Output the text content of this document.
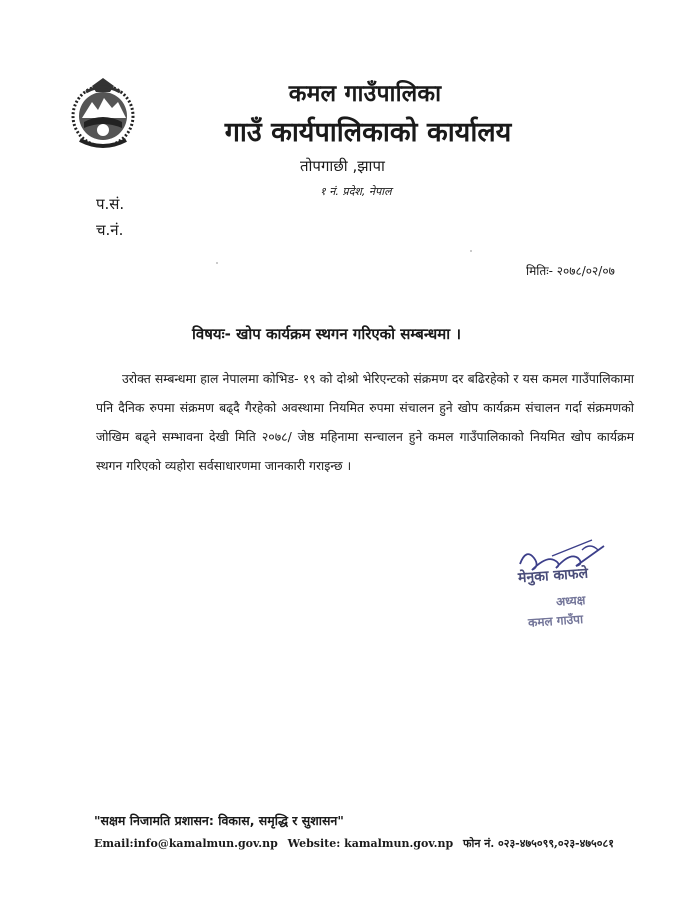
कमल गाउँपालिका
गाउँ कार्यपालिकाको कार्यालय
तोपगाछी ,झापा
१ नं. प्रदेश, नेपाल
प.सं.
च.नं.
मितिः- २०७८/०२/०७
विषयः- खोप कार्यक्रम स्थगन गरिएको सम्बन्धमा ।
उरोक्त सम्बन्धमा हाल नेपालमा कोभिड- १९ को दोश्रो भेरिएन्टको संक्रमण दर बढिरहेको र यस कमल गाउँपालिकामा पनि दैनिक रुपमा संक्रमण बढ्दै गैरहेको अवस्थामा नियमित रुपमा संचालन हुने खोप कार्यक्रम संचालन गर्दा संक्रमणको जोखिम बढ्ने सम्भावना देखी मिति २०७८/ जेष्ठ महिनामा सन्चालन हुने कमल गाउँपालिकाको नियमित खोप कार्यक्रम स्थगन गरिएको व्यहोरा सर्वसाधारणमा जानकारी गराइन्छ ।
मेनुका काफले
अध्यक्ष
कमल गाउँपा
"सक्षम निजामति प्रशासन: विकास, समृद्धि र सुशासन"
Email:info@kamalmun.gov.np Website: kamalmun.gov.np फोन नं. ०२३-४७५०९९,०२३-४७५०८१
